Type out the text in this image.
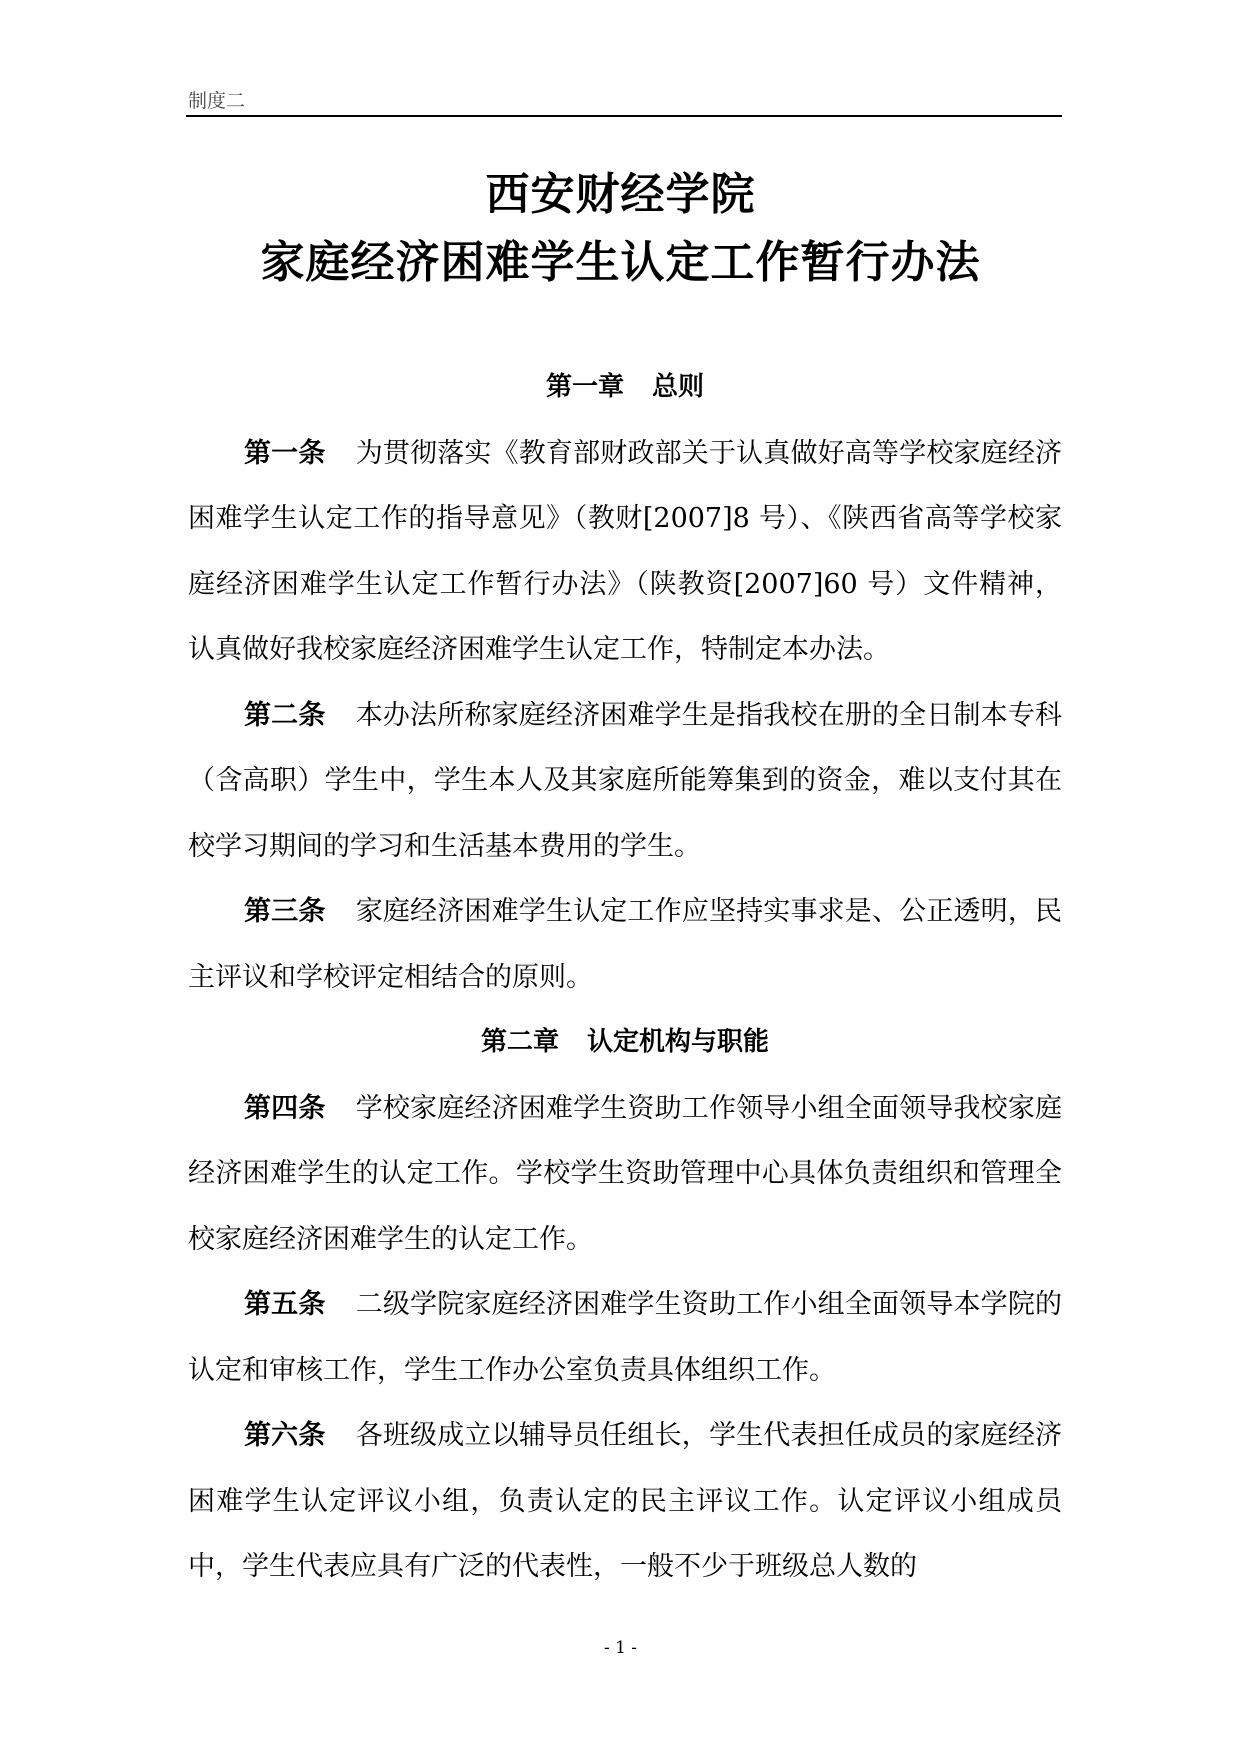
制度二
西安财经学院
家庭经济困难学生认定工作暂行办法
第一章 总则

第一条 为贯彻落实《教育部财政部关于认真做好高等学校家庭经济困难学生认定工作的指导意见》（教财[2007]8 号）、《陕西省高等学校家庭经济困难学生认定工作暂行办法》（陕教资[2007]60 号）文件精神，认真做好我校家庭经济困难学生认定工作，特制定本办法。

第二条 本办法所称家庭经济困难学生是指我校在册的全日制本专科（含高职）学生中，学生本人及其家庭所能筹集到的资金，难以支付其在校学习期间的学习和生活基本费用的学生。

第三条 家庭经济困难学生认定工作应坚持实事求是、公正透明，民主评议和学校评定相结合的原则。

第二章 认定机构与职能

第四条 学校家庭经济困难学生资助工作领导小组全面领导我校家庭经济困难学生的认定工作。学校学生资助管理中心具体负责组织和管理全校家庭经济困难学生的认定工作。

第五条 二级学院家庭经济困难学生资助工作小组全面领导本学院的认定和审核工作，学生工作办公室负责具体组织工作。

第六条 各班级成立以辅导员任组长，学生代表担任成员的家庭经济困难学生认定评议小组，负责认定的民主评议工作。认定评议小组成员中，学生代表应具有广泛的代表性，一般不少于班级总人数的

- 1 -
